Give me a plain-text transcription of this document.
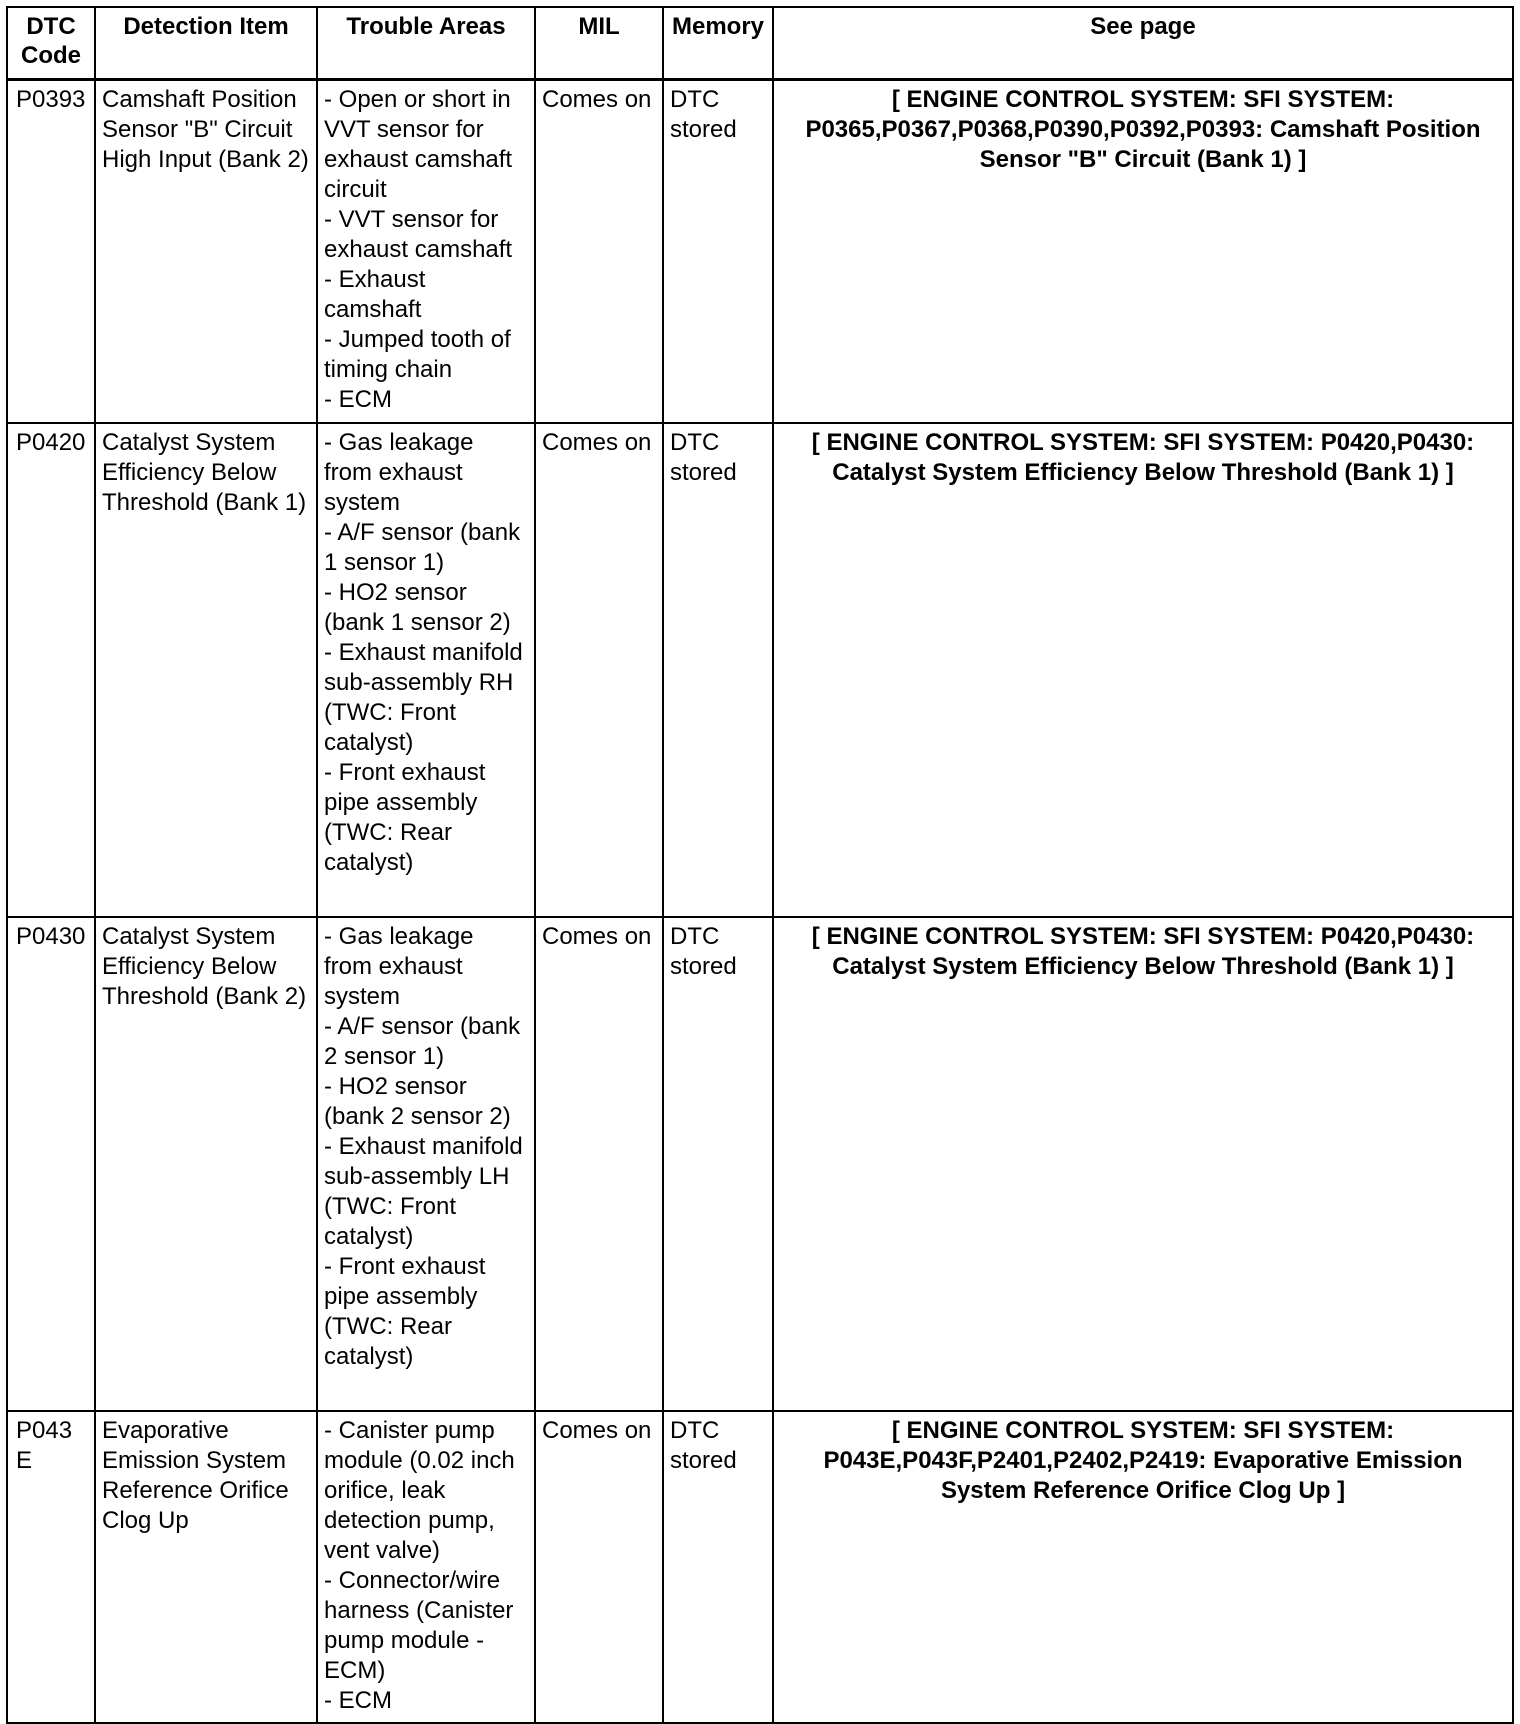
DTC Code	Detection Item	Trouble Areas	MIL	Memory	See page
P0393	Camshaft Position Sensor "B" Circuit High Input (Bank 2)	- Open or short in VVT sensor for exhaust camshaft circuit
- VVT sensor for exhaust camshaft
- Exhaust camshaft
- Jumped tooth of timing chain
- ECM	Comes on	DTC stored	[ ENGINE CONTROL SYSTEM: SFI SYSTEM: P0365,P0367,P0368,P0390,P0392,P0393: Camshaft Position Sensor "B" Circuit (Bank 1) ]
P0420	Catalyst System Efficiency Below Threshold (Bank 1)	- Gas leakage from exhaust system
- A/F sensor (bank 1 sensor 1)
- HO2 sensor (bank 1 sensor 2)
- Exhaust manifold sub-assembly RH (TWC: Front catalyst)
- Front exhaust pipe assembly (TWC: Rear catalyst)	Comes on	DTC stored	[ ENGINE CONTROL SYSTEM: SFI SYSTEM: P0420,P0430: Catalyst System Efficiency Below Threshold (Bank 1) ]
P0430	Catalyst System Efficiency Below Threshold (Bank 2)	- Gas leakage from exhaust system
- A/F sensor (bank 2 sensor 1)
- HO2 sensor (bank 2 sensor 2)
- Exhaust manifold sub-assembly LH (TWC: Front catalyst)
- Front exhaust pipe assembly (TWC: Rear catalyst)	Comes on	DTC stored	[ ENGINE CONTROL SYSTEM: SFI SYSTEM: P0420,P0430: Catalyst System Efficiency Below Threshold (Bank 1) ]
P043E	Evaporative Emission System Reference Orifice Clog Up	- Canister pump module (0.02 inch orifice, leak detection pump, vent valve)
- Connector/wire harness (Canister pump module - ECM)
- ECM	Comes on	DTC stored	[ ENGINE CONTROL SYSTEM: SFI SYSTEM: P043E,P043F,P2401,P2402,P2419: Evaporative Emission System Reference Orifice Clog Up ]
